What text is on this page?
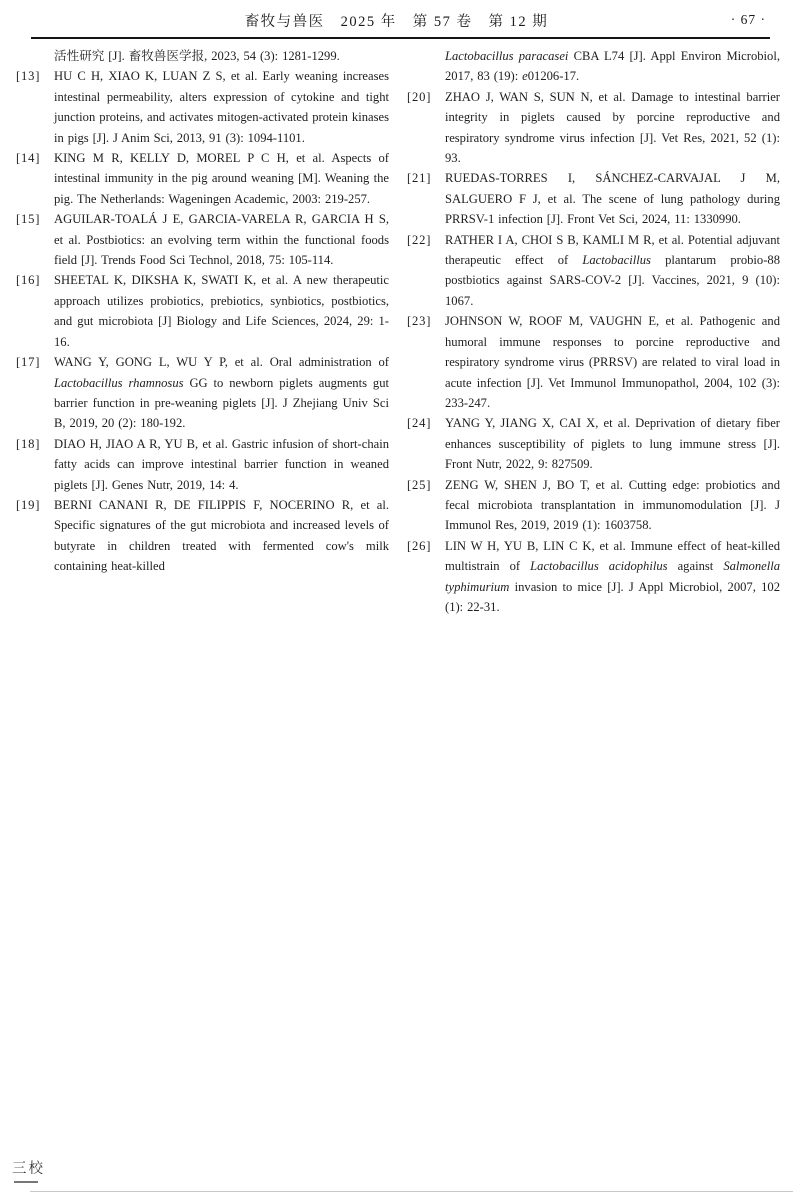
畜牧与兽医　2025 年　第 57 卷　第 12 期	· 67 ·
活性研究 [J]. 畜牧兽医学报, 2023, 54 (3): 1281-1299.
[13]	HU C H, XIAO K, LUAN Z S, et al. Early weaning increases intestinal permeability, alters expression of cytokine and tight junction proteins, and activates mitogen-activated protein kinases in pigs [J]. J Anim Sci, 2013, 91 (3): 1094-1101.
[14]	KING M R, KELLY D, MOREL P C H, et al. Aspects of intestinal immunity in the pig around weaning [M]. Weaning the pig. The Netherlands: Wageningen Academic, 2003: 219-257.
[15]	AGUILAR-TOALÁ J E, GARCIA-VARELA R, GARCIA H S, et al. Postbiotics: an evolving term within the functional foods field [J]. Trends Food Sci Technol, 2018, 75: 105-114.
[16]	SHEETAL K, DIKSHA K, SWATI K, et al. A new therapeutic approach utilizes probiotics, prebiotics, synbiotics, postbiotics, and gut microbiota [J] Biology and Life Sciences, 2024, 29: 1-16.
[17]	WANG Y, GONG L, WU Y P, et al. Oral administration of Lactobacillus rhamnosus GG to newborn piglets augments gut barrier function in pre-weaning piglets [J]. J Zhejiang Univ Sci B, 2019, 20 (2): 180-192.
[18]	DIAO H, JIAO A R, YU B, et al. Gastric infusion of short-chain fatty acids can improve intestinal barrier function in weaned piglets [J]. Genes Nutr, 2019, 14: 4.
[19]	BERNI CANANI R, DE FILIPPIS F, NOCERINO R, et al. Specific signatures of the gut microbiota and increased levels of butyrate in children treated with fermented cow's milk containing heat-killed
Lactobacillus paracasei CBA L74 [J]. Appl Environ Microbiol, 2017, 83 (19): e01206-17.
[20]	ZHAO J, WAN S, SUN N, et al. Damage to intestinal barrier integrity in piglets caused by porcine reproductive and respiratory syndrome virus infection [J]. Vet Res, 2021, 52 (1): 93.
[21]	RUEDAS-TORRES I, SÁNCHEZ-CARVAJAL J M, SALGUERO F J, et al. The scene of lung pathology during PRRSV-1 infection [J]. Front Vet Sci, 2024, 11: 1330990.
[22]	RATHER I A, CHOI S B, KAMLI M R, et al. Potential adjuvant therapeutic effect of Lactobacillus plantarum probio-88 postbiotics against SARS-COV-2 [J]. Vaccines, 2021, 9 (10): 1067.
[23]	JOHNSON W, ROOF M, VAUGHN E, et al. Pathogenic and humoral immune responses to porcine reproductive and respiratory syndrome virus (PRRSV) are related to viral load in acute infection [J]. Vet Immunol Immunopathol, 2004, 102 (3): 233-247.
[24]	YANG Y, JIANG X, CAI X, et al. Deprivation of dietary fiber enhances susceptibility of piglets to lung immune stress [J]. Front Nutr, 2022, 9: 827509.
[25]	ZENG W, SHEN J, BO T, et al. Cutting edge: probiotics and fecal microbiota transplantation in immunomodulation [J]. J Immunol Res, 2019, 2019 (1): 1603758.
[26]	LIN W H, YU B, LIN C K, et al. Immune effect of heat-killed multistrain of Lactobacillus acidophilus against Salmonella typhimurium invasion to mice [J]. J Appl Microbiol, 2007, 102 (1): 22-31.
三校
